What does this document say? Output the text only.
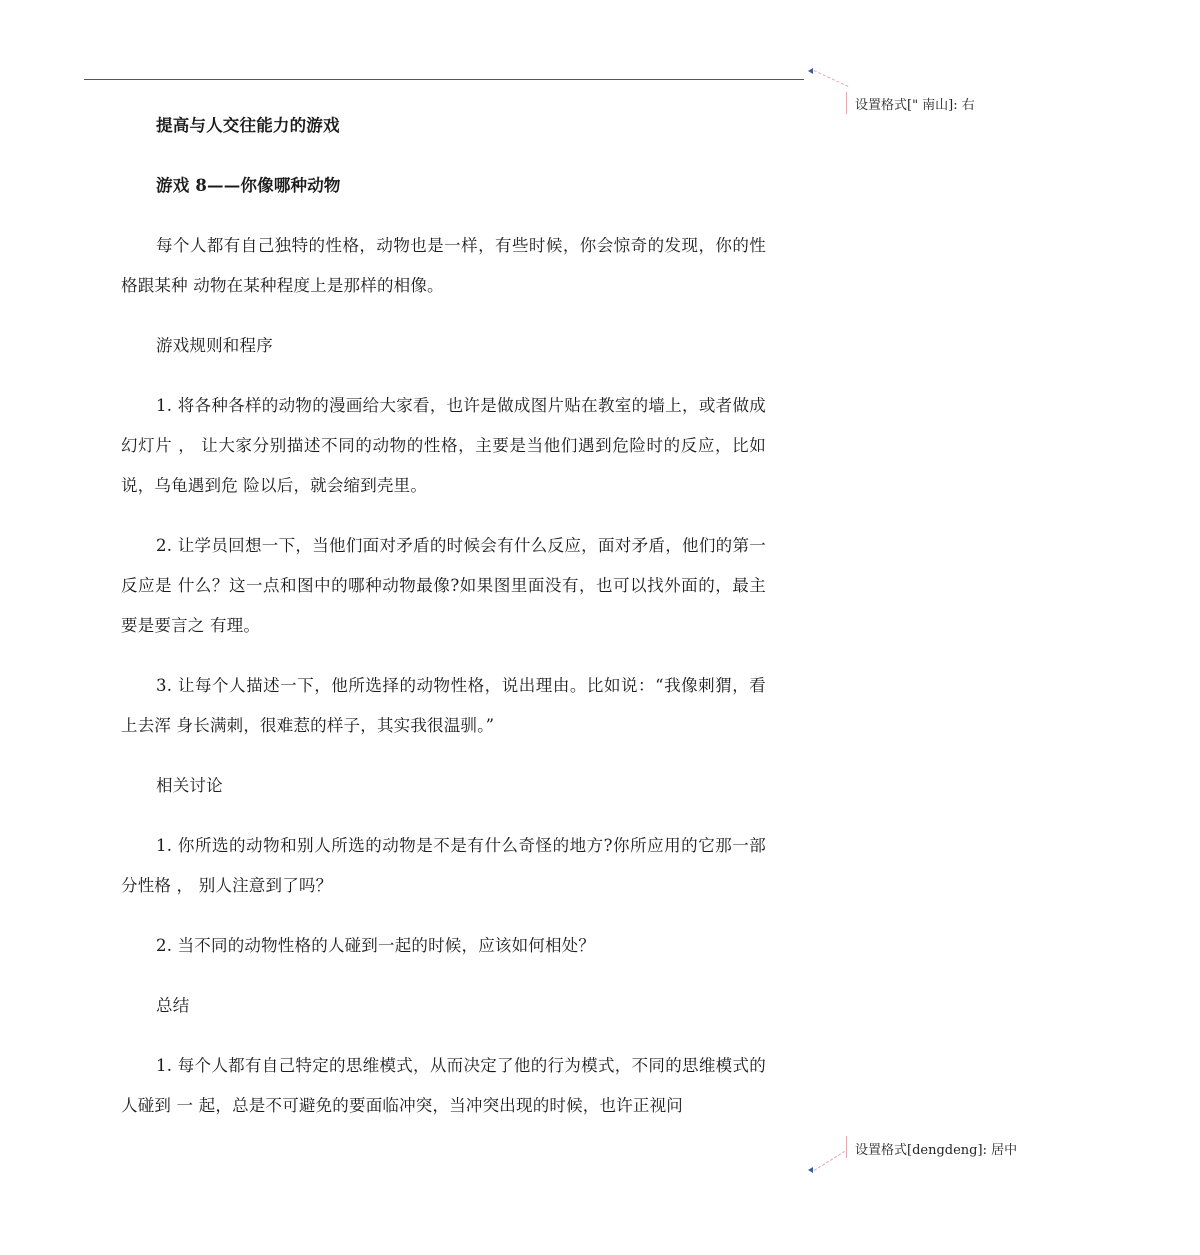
提高与人交往能力的游戏

游戏 8——你像哪种动物

每个人都有自己独特的性格，动物也是一样，有些时候，你会惊奇的发现，你的性格跟某种 动物在某种程度上是那样的相像。

游戏规则和程序

1. 将各种各样的动物的漫画给大家看，也许是做成图片贴在教室的墙上，或者做成幻灯片 ， 让大家分别描述不同的动物的性格，主要是当他们遇到危险时的反应，比如说，乌龟遇到危 险以后，就会缩到壳里。

2. 让学员回想一下，当他们面对矛盾的时候会有什么反应，面对矛盾，他们的第一反应是 什么？这一点和图中的哪种动物最像?如果图里面没有，也可以找外面的，最主要是要言之 有理。

3. 让每个人描述一下，他所选择的动物性格，说出理由。比如说：“我像刺猬，看上去浑 身长满刺，很难惹的样子，其实我很温驯。”

相关讨论

1. 你所选的动物和别人所选的动物是不是有什么奇怪的地方?你所应用的它那一部分性格 ， 别人注意到了吗？

2. 当不同的动物性格的人碰到一起的时候，应该如何相处？

总结

1. 每个人都有自己特定的思维模式，从而决定了他的行为模式，不同的思维模式的人碰到 一 起，总是不可避免的要面临冲突，当冲突出现的时候，也许正视问

设置格式[" 南山]: 右
设置格式[dengdeng]: 居中
